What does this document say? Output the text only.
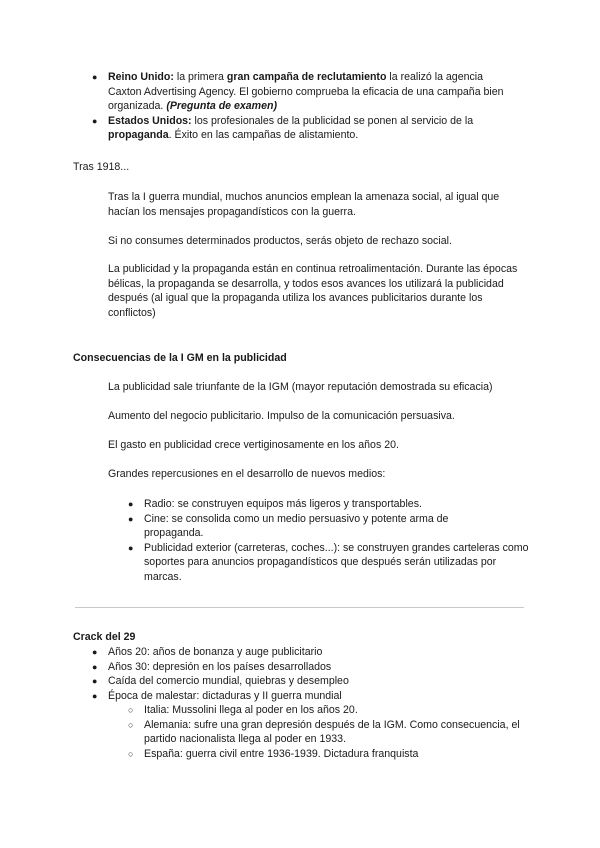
● Reino Unido: la primera gran campaña de reclutamiento la realizó la agencia Caxton Advertising Agency. El gobierno comprueba la eficacia de una campaña bien organizada. (Pregunta de examen)
● Estados Unidos: los profesionales de la publicidad se ponen al servicio de la propaganda. Éxito en las campañas de alistamiento.

Tras 1918...

Tras la I guerra mundial, muchos anuncios emplean la amenaza social, al igual que hacían los mensajes propagandísticos con la guerra.

Si no consumes determinados productos, serás objeto de rechazo social.

La publicidad y la propaganda están en continua retroalimentación. Durante las épocas bélicas, la propaganda se desarrolla, y todos esos avances los utilizará la publicidad después (al igual que la propaganda utiliza los avances publicitarios durante los conflictos)

Consecuencias de la I GM en la publicidad

La publicidad sale triunfante de la IGM (mayor reputación demostrada su eficacia)

Aumento del negocio publicitario. Impulso de la comunicación persuasiva.

El gasto en publicidad crece vertiginosamente en los años 20.

Grandes repercusiones en el desarrollo de nuevos medios:

● Radio: se construyen equipos más ligeros y transportables.
● Cine: se consolida como un medio persuasivo y potente arma de propaganda.
● Publicidad exterior (carreteras, coches...): se construyen grandes carteleras como soportes para anuncios propagandísticos que después serán utilizadas por marcas.

Crack del 29

● Años 20: años de bonanza y auge publicitario
● Años 30: depresión en los países desarrollados
● Caída del comercio mundial, quiebras y desempleo
● Época de malestar: dictaduras y II guerra mundial
○ Italia: Mussolini llega al poder en los años 20.
○ Alemania: sufre una gran depresión después de la IGM. Como consecuencia, el partido nacionalista llega al poder en 1933.
○ España: guerra civil entre 1936-1939. Dictadura franquista
